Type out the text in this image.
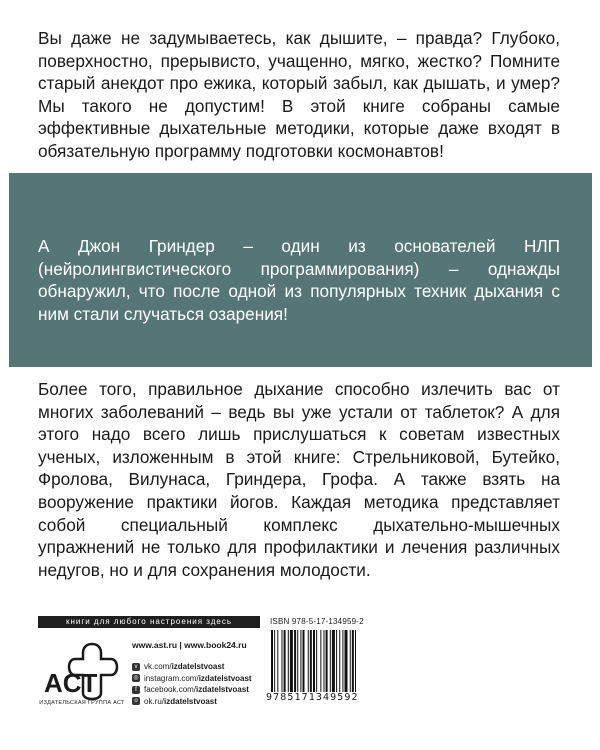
Вы даже не задумываетесь, как дышите, – правда? Глубоко, поверхностно, прерывисто, учащенно, мягко, жестко? Помните старый анекдот про ежика, который забыл, как дышать, и умер? Мы такого не допустим! В этой книге собраны самые эффективные дыхательные методики, которые даже входят в обязательную программу подготовки космонавтов!

А Джон Гриндер – один из основателей НЛП (нейролингвистического программирования) – однажды обнаружил, что после одной из популярных техник дыхания с ним стали случаться озарения!

Более того, правильное дыхание способно излечить вас от многих заболеваний – ведь вы уже устали от таблеток? А для этого надо всего лишь прислушаться к советам известных ученых, изложенным в этой книге: Стрельниковой, Бутейко, Фролова, Вилунаса, Гриндера, Грофа. А также взять на вооружение практики йогов. Каждая методика представляет собой специальный комплекс дыхательно-мышечных упражнений не только для профилактики и лечения различных недугов, но и для сохранения молодости.

книги для любого настроения здесь
ACT
ИЗДАТЕЛЬСКАЯ ГРУППА АСТ
www.ast.ru | www.book24.ru
v vk.com/izdatelstvoast
◎ instagram.com/izdatelstvoast
f facebook.com/izdatelstvoast
o ok.ru/izdatelstvoast
ISBN 978-5-17-134959-2
9785171349592
